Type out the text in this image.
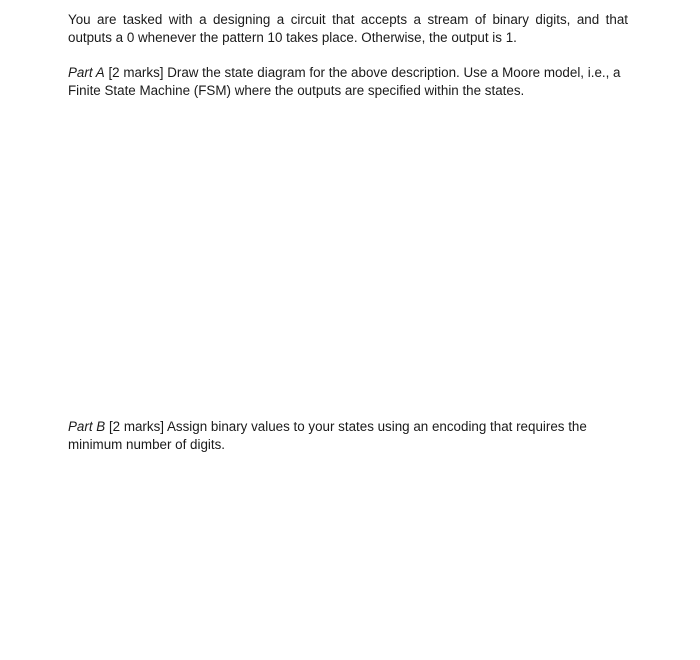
You are tasked with a designing a circuit that accepts a stream of binary digits, and that outputs a 0 whenever the pattern 10 takes place. Otherwise, the output is 1.

Part A [2 marks] Draw the state diagram for the above description. Use a Moore model, i.e., a Finite State Machine (FSM) where the outputs are specified within the states.

Part B [2 marks] Assign binary values to your states using an encoding that requires the minimum number of digits.
